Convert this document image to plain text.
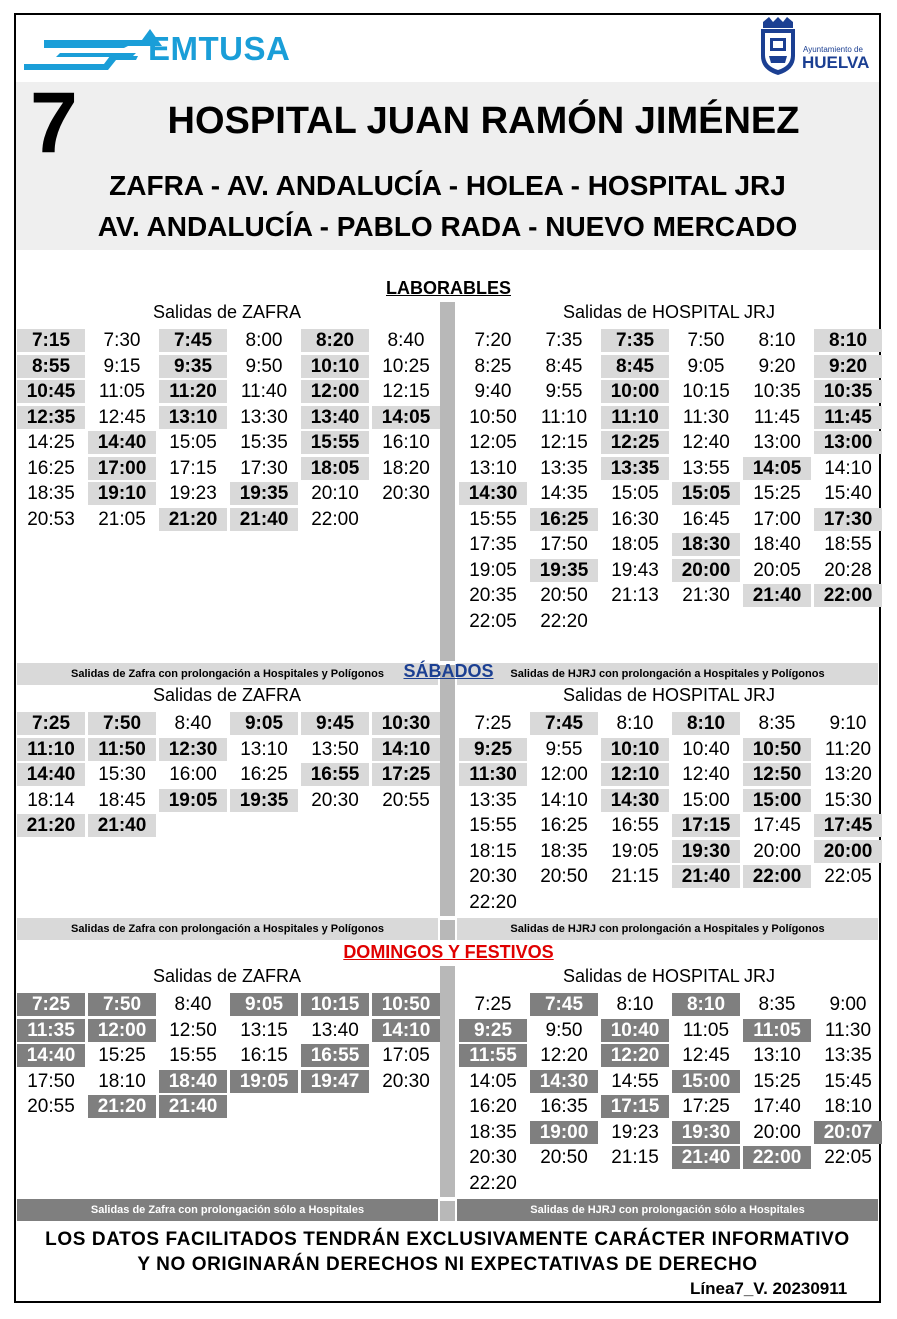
EMTUSA	Ayuntamiento de
HUELVA
7	HOSPITAL JUAN RAMÓN JIMÉNEZ
ZAFRA - AV. ANDALUCÍA - HOLEA - HOSPITAL JRJ
AV. ANDALUCÍA - PABLO RADA - NUEVO MERCADO
LABORABLES
Salidas de ZAFRA	Salidas de HOSPITAL JRJ
7:15	7:30	7:45	8:00	8:20	8:40
8:55	9:15	9:35	9:50	10:10	10:25
10:45	11:05	11:20	11:40	12:00	12:15
12:35	12:45	13:10	13:30	13:40	14:05
14:25	14:40	15:05	15:35	15:55	16:10
16:25	17:00	17:15	17:30	18:05	18:20
18:35	19:10	19:23	19:35	20:10	20:30
20:53	21:05	21:20	21:40	22:00
7:20	7:35	7:35	7:50	8:10	8:10
8:25	8:45	8:45	9:05	9:20	9:20
9:40	9:55	10:00	10:15	10:35	10:35
10:50	11:10	11:10	11:30	11:45	11:45
12:05	12:15	12:25	12:40	13:00	13:00
13:10	13:35	13:35	13:55	14:05	14:10
14:30	14:35	15:05	15:05	15:25	15:40
15:55	16:25	16:30	16:45	17:00	17:30
17:35	17:50	18:05	18:30	18:40	18:55
19:05	19:35	19:43	20:00	20:05	20:28
20:35	20:50	21:13	21:30	21:40	22:00
22:05	22:20
Salidas de Zafra con prolongación a Hospitales y Polígonos	Salidas de HJRJ con prolongación a Hospitales y Polígonos
SÁBADOS
Salidas de ZAFRA	Salidas de HOSPITAL JRJ
7:25	7:50	8:40	9:05	9:45	10:30
11:10	11:50	12:30	13:10	13:50	14:10
14:40	15:30	16:00	16:25	16:55	17:25
18:14	18:45	19:05	19:35	20:30	20:55
21:20	21:40
7:25	7:45	8:10	8:10	8:35	9:10
9:25	9:55	10:10	10:40	10:50	11:20
11:30	12:00	12:10	12:40	12:50	13:20
13:35	14:10	14:30	15:00	15:00	15:30
15:55	16:25	16:55	17:15	17:45	17:45
18:15	18:35	19:05	19:30	20:00	20:00
20:30	20:50	21:15	21:40	22:00	22:05
22:20
Salidas de Zafra con prolongación a Hospitales y Polígonos	Salidas de HJRJ con prolongación a Hospitales y Polígonos
DOMINGOS Y FESTIVOS
Salidas de ZAFRA	Salidas de HOSPITAL JRJ
7:25	7:50	8:40	9:05	10:15	10:50
11:35	12:00	12:50	13:15	13:40	14:10
14:40	15:25	15:55	16:15	16:55	17:05
17:50	18:10	18:40	19:05	19:47	20:30
20:55	21:20	21:40
7:25	7:45	8:10	8:10	8:35	9:00
9:25	9:50	10:40	11:05	11:05	11:30
11:55	12:20	12:20	12:45	13:10	13:35
14:05	14:30	14:55	15:00	15:25	15:45
16:20	16:35	17:15	17:25	17:40	18:10
18:35	19:00	19:23	19:30	20:00	20:07
20:30	20:50	21:15	21:40	22:00	22:05
22:20
Salidas de Zafra con prolongación sólo a Hospitales	Salidas de HJRJ con prolongación sólo a Hospitales
LOS DATOS FACILITADOS TENDRÁN EXCLUSIVAMENTE CARÁCTER INFORMATIVO
Y NO ORIGINARÁN DERECHOS NI EXPECTATIVAS DE DERECHO
Línea7_V. 20230911
